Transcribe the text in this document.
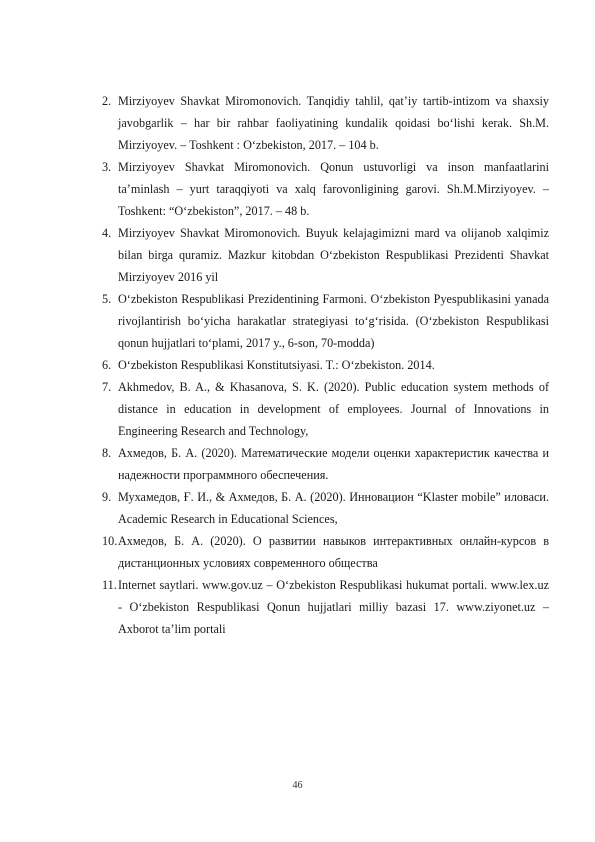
2. Mirziyoyev Shavkat Miromonovich. Tanqidiy tahlil, qat’iy tartib-intizom va shaxsiy javobgarlik – har bir rahbar faoliyatining kundalik qoidasi bo‘lishi kerak. Sh.M. Mirziyoyev. – Toshkent : O‘zbekiston, 2017. – 104 b.
3. Mirziyoyev Shavkat Miromonovich. Qonun ustuvorligi va inson manfaatlarini ta’minlash – yurt taraqqiyoti va xalq farovonligining garovi. Sh.M.Mirziyoyev. – Toshkent: “O‘zbekiston”, 2017. – 48 b.
4. Mirziyoyev Shavkat Miromonovich. Buyuk kelajagimizni mard va olijanob xalqimiz bilan birga quramiz. Mazkur kitobdan O‘zbekiston Respublikasi Prezidenti Shavkat Mirziyoyev 2016 yil
5. O‘zbekiston Respublikasi Prezidentining Farmoni. O‘zbekiston Pyespublikasini yanada rivojlantirish bo‘yicha harakatlar strategiyasi to‘g‘risida. (O‘zbekiston Respublikasi qonun hujjatlari to‘plami, 2017 y., 6-son, 70-modda)
6. O‘zbekiston Respublikasi Konstitutsiyasi. T.: O‘zbekiston. 2014.
7. Akhmedov, B. A., & Khasanova, S. K. (2020). Public education system methods of distance in education in development of employees. Journal of Innovations in Engineering Research and Technology,
8. Ахмедов, Б. А. (2020). Математические модели оценки характеристик качества и надежности программного обеспечения.
9. Мухамедов, Ғ. И., & Ахмедов, Б. А. (2020). Инновацион “Klaster mobile” иловаси. Academic Research in Educational Sciences,
10. Ахмедов, Б. А. (2020). О развитии навыков интерактивных онлайн-курсов в дистанционных условиях современного общества
11. Internet saytlari. www.gov.uz – O‘zbekiston Respublikasi hukumat portali. www.lex.uz - O‘zbekiston Respublikasi Qonun hujjatlari milliy bazasi 17. www.ziyonet.uz – Axborot ta’lim portali
46
